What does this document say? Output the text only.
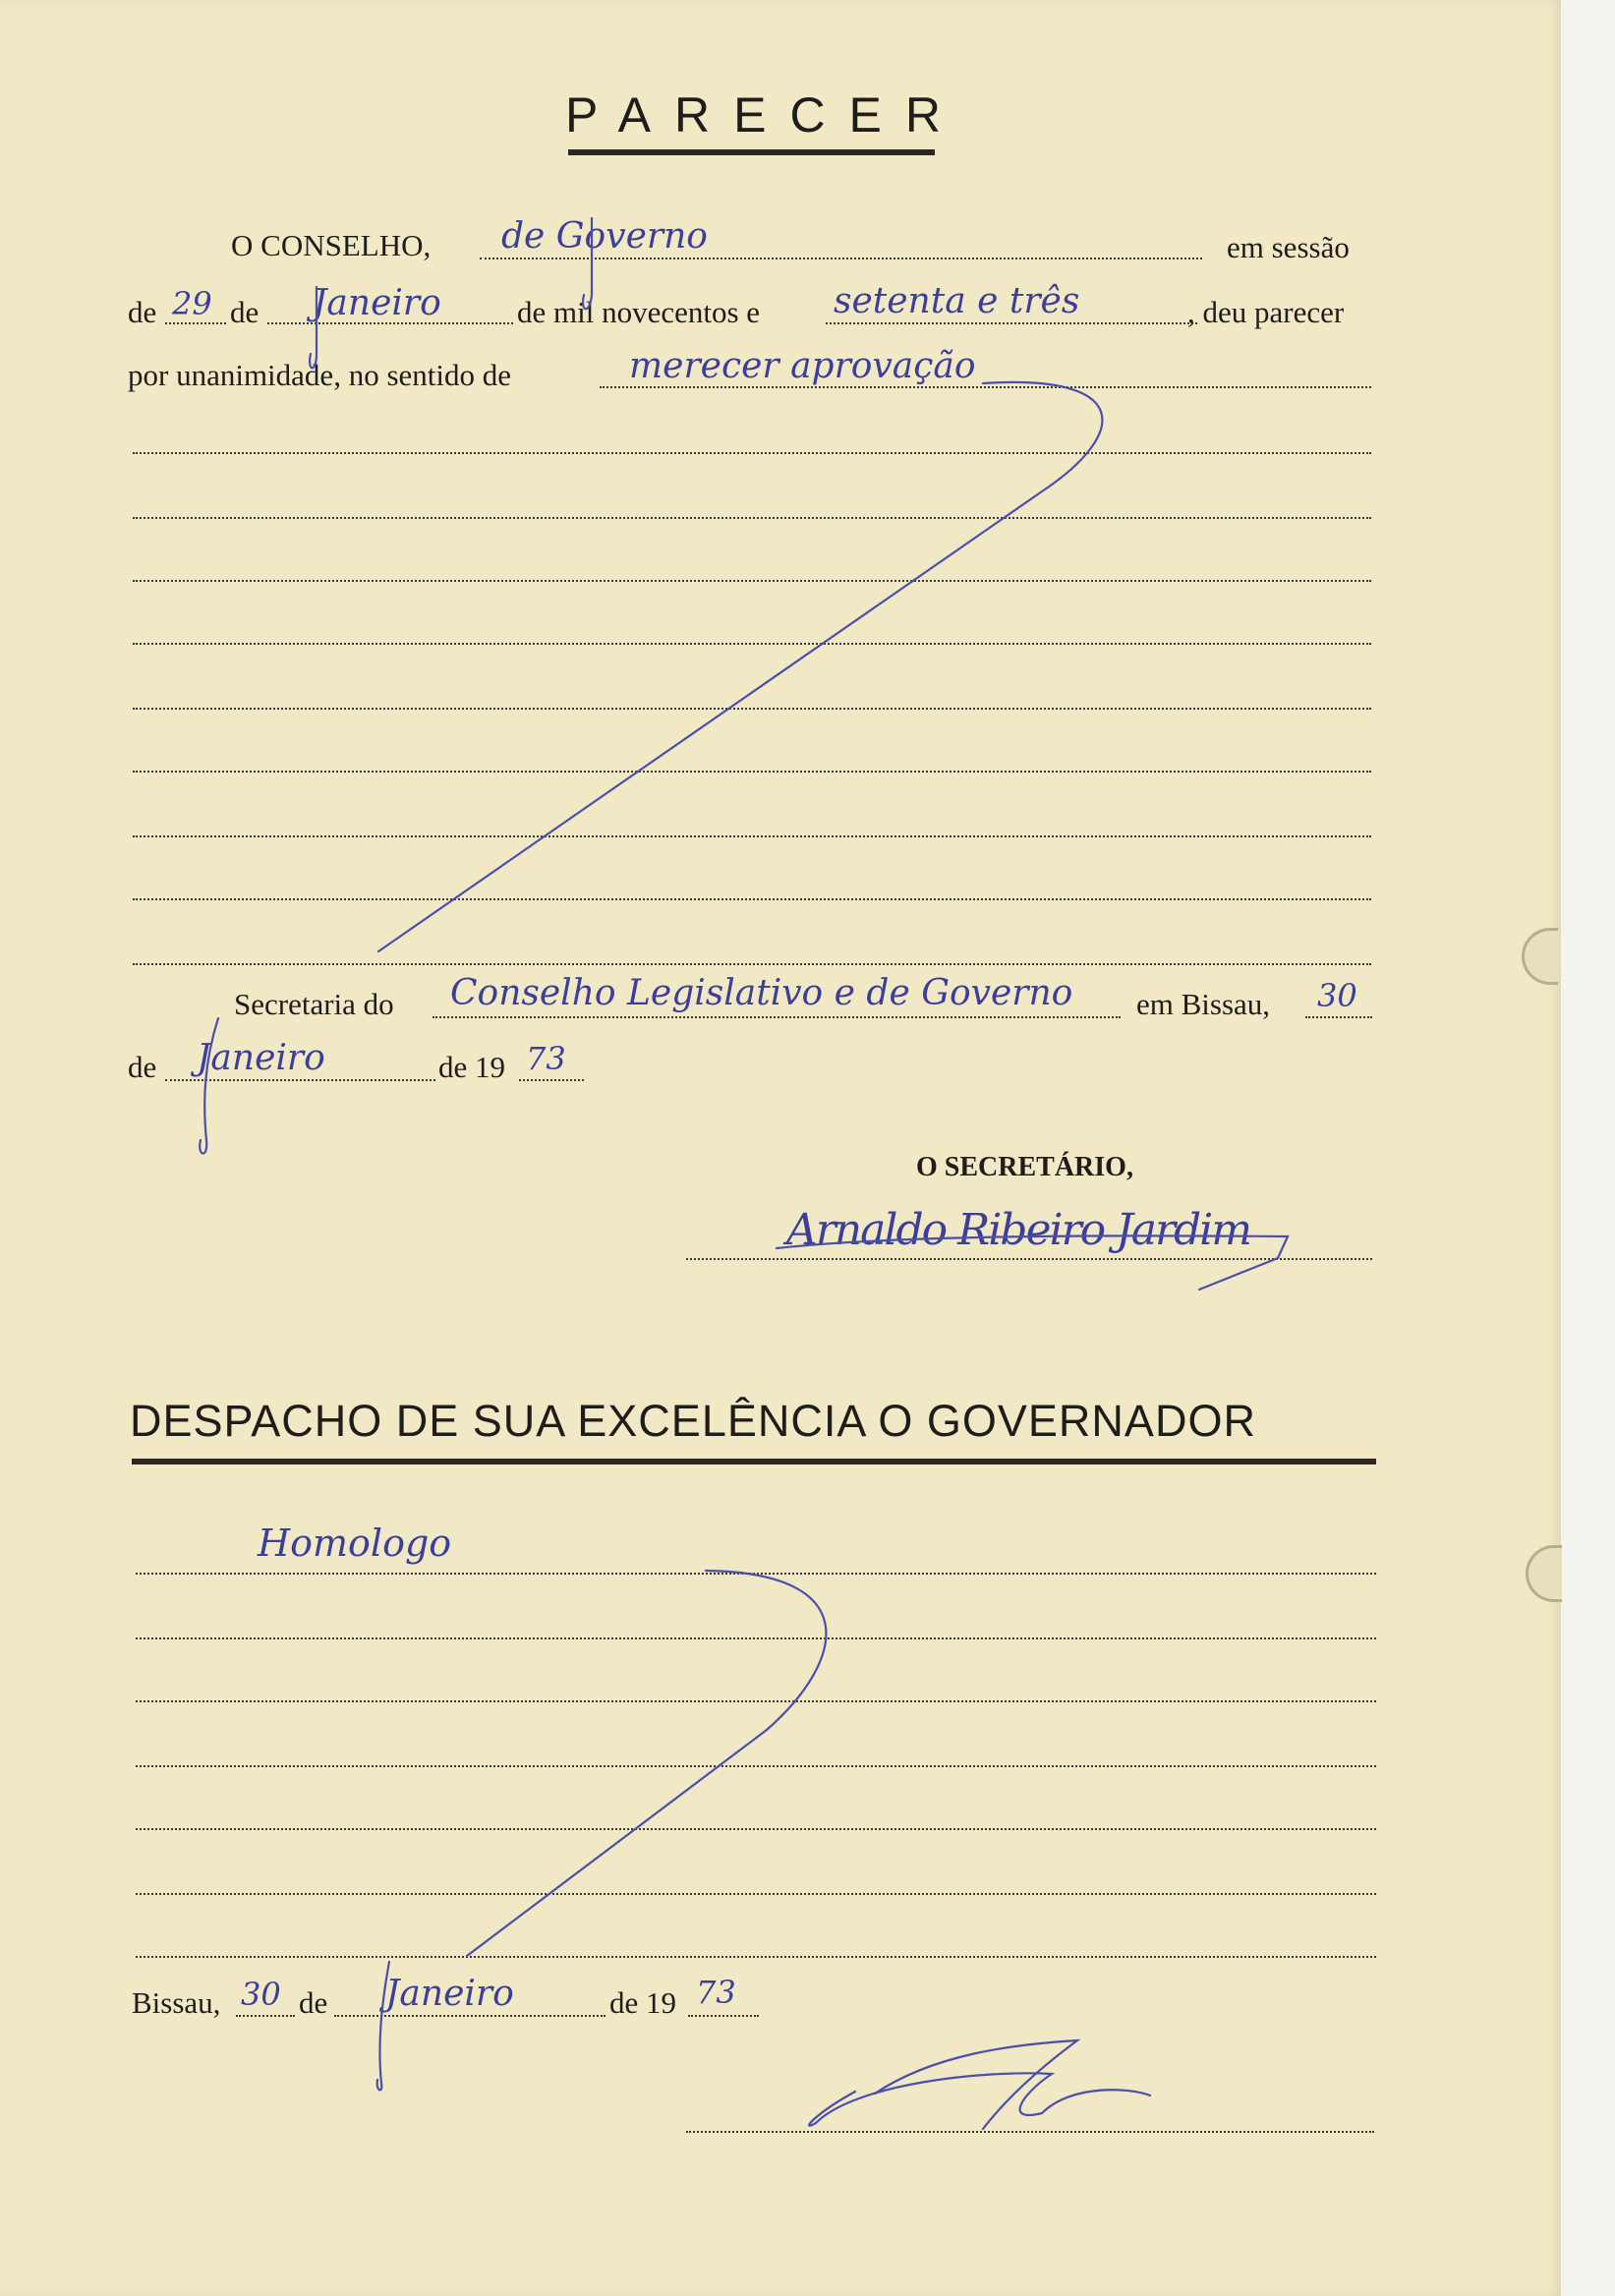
PARECER
O CONSELHO, de Governo	em sessão
de 29 de Janeiro de mil novecentos e setenta e três	, deu parecer
por unanimidade, no sentido de	merecer aprovação
Secretaria do Conselho Legislativo e de Governo em Bissau, 30
de Janeiro	de 19 73
O SECRETÁRIO,
Arnaldo Ribeiro Jardim
DESPACHO DE SUA EXCELÊNCIA O GOVERNADOR
Homologo
Bissau, 30 de Janeiro	de 19 73
